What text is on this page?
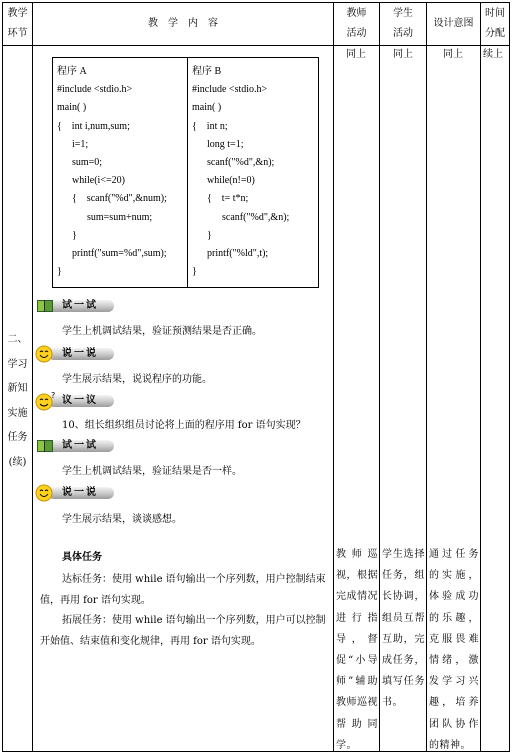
教学
环节
教　学　内　容
教师
活动
学生
活动
设计意图
时间
分配
同上	同上	同上 续上
二、
学习
新知
实施
任务
(续)
程序 A
#include <stdio.h>
main( )
{    int i,num,sum;
i=1;
sum=0;
while(i<=20)
{    scanf("%d",&num);
sum=sum+num;
}
printf("sum=%d",sum);
}
程序 B
#include <stdio.h>
main( )
{    int n;
long t=1;
scanf("%d",&n);
while(n!=0)
{    t= t*n;
scanf("%d",&n);
}
printf("%ld",t);
}
试一试
学生上机调试结果，验证预测结果是否正确。
说一说
学生展示结果，说说程序的功能。
? 议一议
10、组长组织组员讨论将上面的程序用 for 语句实现？
试一试
学生上机调试结果，验证结果是否一样。
说一说
学生展示结果，谈谈感想。
具体任务
达标任务：使用 while 语句输出一个序列数，用户控制结束值，再用 for 语句实现。
拓展任务：使用 while 语句输出一个序列数，用户可以控制开始值、结束值和变化规律，再用 for 语句实现。
教师巡视，根据完成情况进行指导，督促“小导师”辅助教师巡视帮助同学。
学生选择任务，组长协调，组员互帮互助，完成任务，填写任务书。
通过任务的实施，体验成功的乐趣，克服畏难情绪，激发学习兴趣，培养团队协作的精神。
